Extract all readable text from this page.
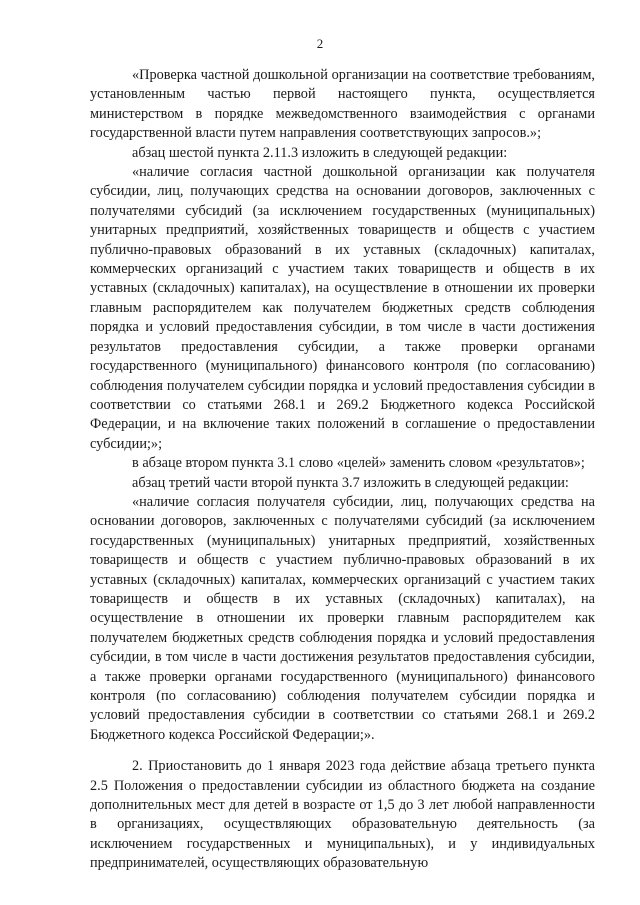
2

«Проверка частной дошкольной организации на соответствие требованиям, установленным частью первой настоящего пункта, осуществляется министерством в порядке межведомственного взаимодействия с органами государственной власти путем направления соответствующих запросов.»;

абзац шестой пункта 2.11.3 изложить в следующей редакции:

«наличие согласия частной дошкольной организации как получателя субсидии, лиц, получающих средства на основании договоров, заключенных с получателями субсидий (за исключением государственных (муниципальных) унитарных предприятий, хозяйственных товариществ и обществ с участием публично-правовых образований в их уставных (складочных) капиталах, коммерческих организаций с участием таких товариществ и обществ в их уставных (складочных) капиталах), на осуществление в отношении их проверки главным распорядителем как получателем бюджетных средств соблюдения порядка и условий предоставления субсидии, в том числе в части достижения результатов предоставления субсидии, а также проверки органами государственного (муниципального) финансового контроля (по согласованию) соблюдения получателем субсидии порядка и условий предоставления субсидии в соответствии со статьями 268.1 и 269.2 Бюджетного кодекса Российской Федерации, и на включение таких положений в соглашение о предоставлении субсидии;»;

в абзаце втором пункта 3.1 слово «целей» заменить словом «результатов»;

абзац третий части второй пункта 3.7 изложить в следующей редакции:

«наличие согласия получателя субсидии, лиц, получающих средства на основании договоров, заключенных с получателями субсидий (за исключением государственных (муниципальных) унитарных предприятий, хозяйственных товариществ и обществ с участием публично-правовых образований в их уставных (складочных) капиталах, коммерческих организаций с участием таких товариществ и обществ в их уставных (складочных) капиталах), на осуществление в отношении их проверки главным распорядителем как получателем бюджетных средств соблюдения порядка и условий предоставления субсидии, в том числе в части достижения результатов предоставления субсидии, а также проверки органами государственного (муниципального) финансового контроля (по согласованию) соблюдения получателем субсидии порядка и условий предоставления субсидии в соответствии со статьями 268.1 и 269.2 Бюджетного кодекса Российской Федерации;».

2. Приостановить до 1 января 2023 года действие абзаца третьего пункта 2.5 Положения о предоставлении субсидии из областного бюджета на создание дополнительных мест для детей в возрасте от 1,5 до 3 лет любой направленности в организациях, осуществляющих образовательную деятельность (за исключением государственных и муниципальных), и у индивидуальных предпринимателей, осуществляющих образовательную
